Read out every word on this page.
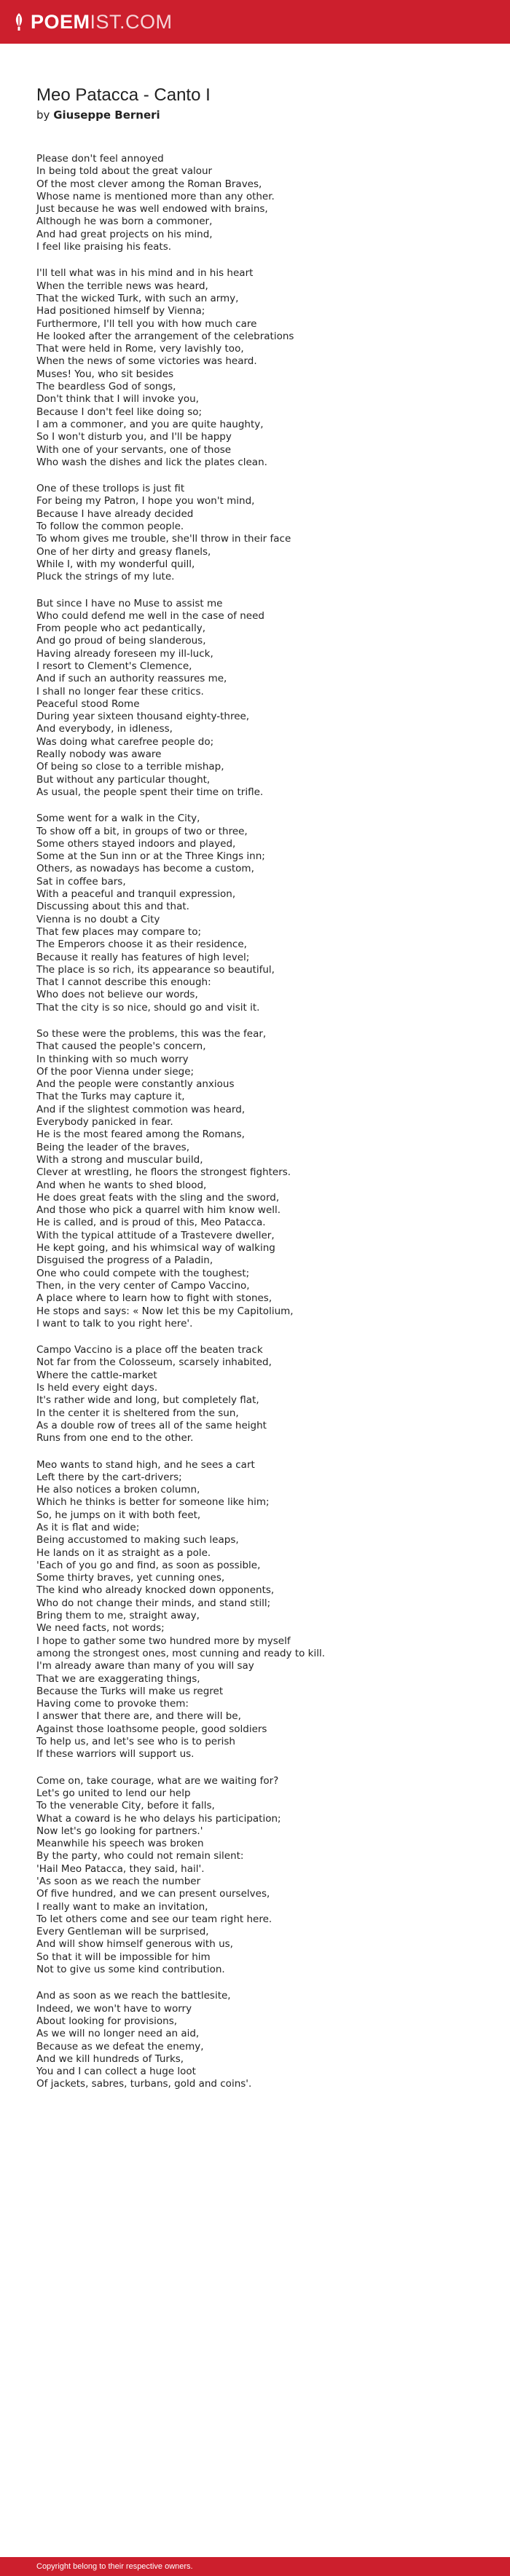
POEMIST.COM
Meo Patacca - Canto I
by Giuseppe Berneri
Please don't feel annoyed
In being told about the great valour
Of the most clever among the Roman Braves,
Whose name is mentioned more than any other.
Just because he was well endowed with brains,
Although he was born a commoner,
And had great projects on his mind,
I feel like praising his feats.
I'll tell what was in his mind and in his heart
When the terrible news was heard,
That the wicked Turk, with such an army,
Had positioned himself by Vienna;
Furthermore, I'll tell you with how much care
He looked after the arrangement of the celebrations
That were held in Rome, very lavishly too,
When the news of some victories was heard.
Muses! You, who sit besides
The beardless God of songs,
Don't think that I will invoke you,
Because I don't feel like doing so;
I am a commoner, and you are quite haughty,
So I won't disturb you, and I'll be happy
With one of your servants, one of those
Who wash the dishes and lick the plates clean.
One of these trollops is just fit
For being my Patron, I hope you won't mind,
Because I have already decided
To follow the common people.
To whom gives me trouble, she'll throw in their face
One of her dirty and greasy flanels,
While I, with my wonderful quill,
Pluck the strings of my lute.
But since I have no Muse to assist me
Who could defend me well in the case of need
From people who act pedantically,
And go proud of being slanderous,
Having already foreseen my ill-luck,
I resort to Clement's Clemence,
And if such an authority reassures me,
I shall no longer fear these critics.
Peaceful stood Rome
During year sixteen thousand eighty-three,
And everybody, in idleness,
Was doing what carefree people do;
Really nobody was aware
Of being so close to a terrible mishap,
But without any particular thought,
As usual, the people spent their time on trifle.
Some went for a walk in the City,
To show off a bit, in groups of two or three,
Some others stayed indoors and played,
Some at the Sun inn or at the Three Kings inn;
Others, as nowadays has become a custom,
Sat in coffee bars,
With a peaceful and tranquil expression,
Discussing about this and that.
Vienna is no doubt a City
That few places may compare to;
The Emperors choose it as their residence,
Because it really has features of high level;
The place is so rich, its appearance so beautiful,
That I cannot describe this enough:
Who does not believe our words,
That the city is so nice, should go and visit it.
So these were the problems, this was the fear,
That caused the people's concern,
In thinking with so much worry
Of the poor Vienna under siege;
And the people were constantly anxious
That the Turks may capture it,
And if the slightest commotion was heard,
Everybody panicked in fear.
He is the most feared among the Romans,
Being the leader of the braves,
With a strong and muscular build,
Clever at wrestling, he floors the strongest fighters.
And when he wants to shed blood,
He does great feats with the sling and the sword,
And those who pick a quarrel with him know well.
He is called, and is proud of this, Meo Patacca.
With the typical attitude of a Trastevere dweller,
He kept going, and his whimsical way of walking
Disguised the progress of a Paladin,
One who could compete with the toughest;
Then, in the very center of Campo Vaccino,
A place where to learn how to fight with stones,
He stops and says: « Now let this be my Capitolium,
I want to talk to you right here'.
Campo Vaccino is a place off the beaten track
Not far from the Colosseum, scarsely inhabited,
Where the cattle-market
Is held every eight days.
It's rather wide and long, but completely flat,
In the center it is sheltered from the sun,
As a double row of trees all of the same height
Runs from one end to the other.
Meo wants to stand high, and he sees a cart
Left there by the cart-drivers;
He also notices a broken column,
Which he thinks is better for someone like him;
So, he jumps on it with both feet,
As it is flat and wide;
Being accustomed to making such leaps,
He lands on it as straight as a pole.
'Each of you go and find, as soon as possible,
Some thirty braves, yet cunning ones,
The kind who already knocked down opponents,
Who do not change their minds, and stand still;
Bring them to me, straight away,
We need facts, not words;
I hope to gather some two hundred more by myself
among the strongest ones, most cunning and ready to kill.
I'm already aware than many of you will say
That we are exaggerating things,
Because the Turks will make us regret
Having come to provoke them:
I answer that there are, and there will be,
Against those loathsome people, good soldiers
To help us, and let's see who is to perish
If these warriors will support us.
Come on, take courage, what are we waiting for?
Let's go united to lend our help
To the venerable City, before it falls,
What a coward is he who delays his participation;
Now let's go looking for partners.'
Meanwhile his speech was broken
By the party, who could not remain silent:
'Hail Meo Patacca, they said, hail'.
'As soon as we reach the number
Of five hundred, and we can present ourselves,
I really want to make an invitation,
To let others come and see our team right here.
Every Gentleman will be surprised,
And will show himself generous with us,
So that it will be impossible for him
Not to give us some kind contribution.
And as soon as we reach the battlesite,
Indeed, we won't have to worry
About looking for provisions,
As we will no longer need an aid,
Because as we defeat the enemy,
And we kill hundreds of Turks,
You and I can collect a huge loot
Of jackets, sabres, turbans, gold and coins'.
Copyright belong to their respective owners.
